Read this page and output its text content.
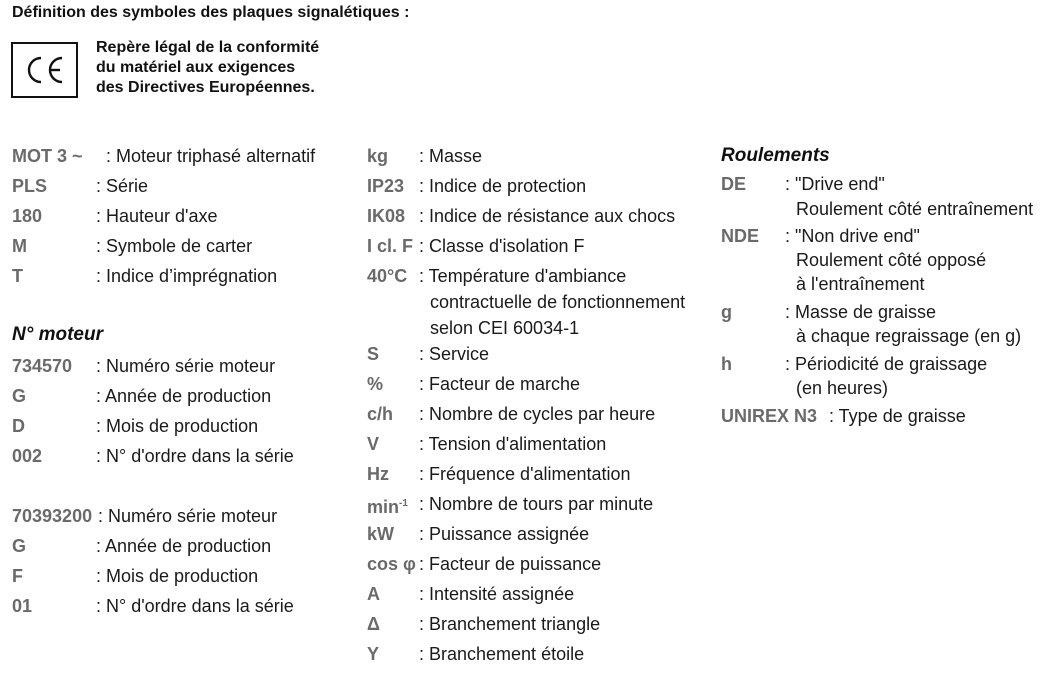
Définition des symboles des plaques signalétiques :
Repère légal de la conformité
du matériel aux exigences
des Directives Européennes.
MOT 3 ~ : Moteur triphasé alternatif
PLS	: Série
180	: Hauteur d'axe
M	: Symbole de carter
T	: Indice d’imprégnation
N° moteur
734570 : Numéro série moteur
G	: Année de production
D	: Mois de production
002	: N° d'ordre dans la série
70393200 : Numéro série moteur
G	: Année de production
F	: Mois de production
01	: N° d'ordre dans la série
kg : Masse
IP23 : Indice de protection
IK08 : Indice de résistance aux chocs
I cl. F : Classe d'isolation F
40°C : Température d'ambiance
contractuelle de fonctionnement
selon CEI 60034-1
S : Service
% : Facteur de marche
c/h : Nombre de cycles par heure
V : Tension d'alimentation
Hz : Fréquence d'alimentation
$\min^{-1}$ : Nombre de tours par minute
kW : Puissance assignée
cos φ : Facteur de puissance
A : Intensité assignée
Δ : Branchement triangle
Y : Branchement étoile
Roulements
DE : "Drive end"
Roulement côté entraînement
NDE : "Non drive end"
Roulement côté opposé
à l'entraînement
g	: Masse de graisse
à chaque regraissage (en g)
h	: Périodicité de graissage
(en heures)
UNIREX N3 : Type de graisse
